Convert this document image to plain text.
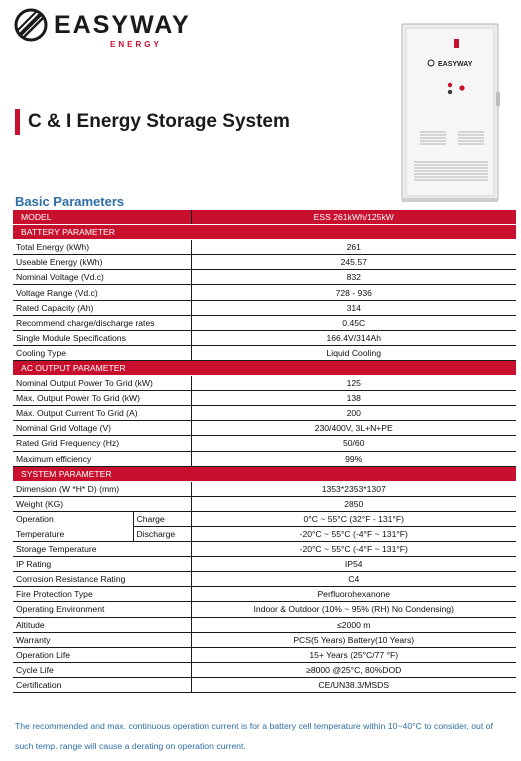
EASYWAY
ENERGY
EASYWAY
C & I Energy Storage System
Basic Parameters
MODEL		ESS 261kWh/125kW
BATTERY PARAMETER		
Total Energy (kWh)		261
Useable Energy (kWh)		245.57
Nominal Voltage (Vd.c)		832
Voltage Range (Vd.c)		728 - 936
Rated Capacity (Ah)		314
Recommend charge/discharge rates		0.45C
Single Module Specifications		166.4V/314Ah
Cooling Type		Liquid Cooling
AC OUTPUT PARAMETER		
Nominal Output Power To Grid (kW)		125
Max. Output Power To Grid (kW)		138
Max. Output Current To Grid (A)		200
Nominal Grid Voltage (V)		230/400V, 3L+N+PE
Rated Grid Frequency (Hz)		50/60
Maximum efficiency		99%
SYSTEM PARAMETER		
Dimension (W *H* D) (mm)		1353*2353*1307
Weight (KG)		2850
Operation	Charge	0°C ~ 55°C (32°F - 131°F)
Temperature	Discharge	-20°C ~ 55°C (-4°F ~ 131°F)
Storage Temperature		-20°C ~ 55°C (-4°F ~ 131°F)
IP Rating		IP54
Corrosion Resistance Rating		C4
Fire Protection Type		Perfluorohexanone
Operating Environment		Indoor & Outdoor (10% ~ 95% (RH) No Condensing)
Altitude		≤2000 m
Warranty		PCS(5 Years) Battery(10 Years)
Operation Life		15+ Years (25°C/77 °F)
Cycle Life		≥8000 @25°C, 80%DOD
Certification		CE/UN38.3/MSDS
The recommended and max. continuous operation current is for a battery cell temperature within 10~40°C to consider, out of such temp. range will cause a derating on operation current.
